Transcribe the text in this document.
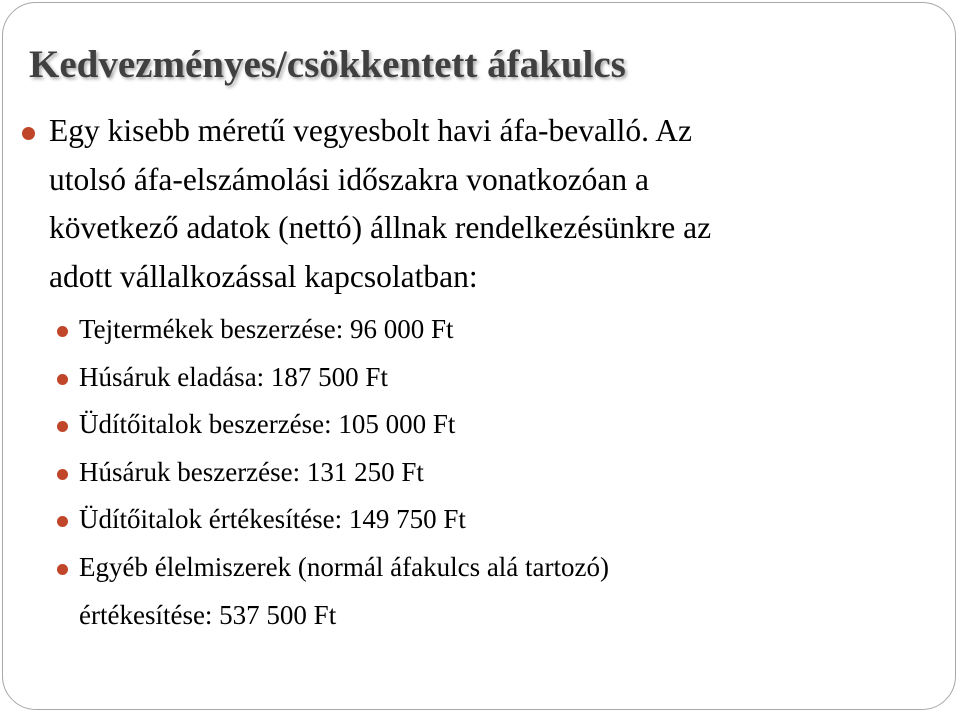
Kedvezményes/csökkentett áfakulcs
Egy kisebb méretű vegyesbolt havi áfa-bevalló. Az
utolsó áfa-elszámolási időszakra vonatkozóan a
következő adatok (nettó) állnak rendelkezésünkre az
adott vállalkozással kapcsolatban:
Tejtermékek beszerzése: 96 000 Ft
Húsáruk eladása: 187 500 Ft
Üdítőitalok beszerzése: 105 000 Ft
Húsáruk beszerzése: 131 250 Ft
Üdítőitalok értékesítése: 149 750 Ft
Egyéb élelmiszerek (normál áfakulcs alá tartozó)
értékesítése: 537 500 Ft
